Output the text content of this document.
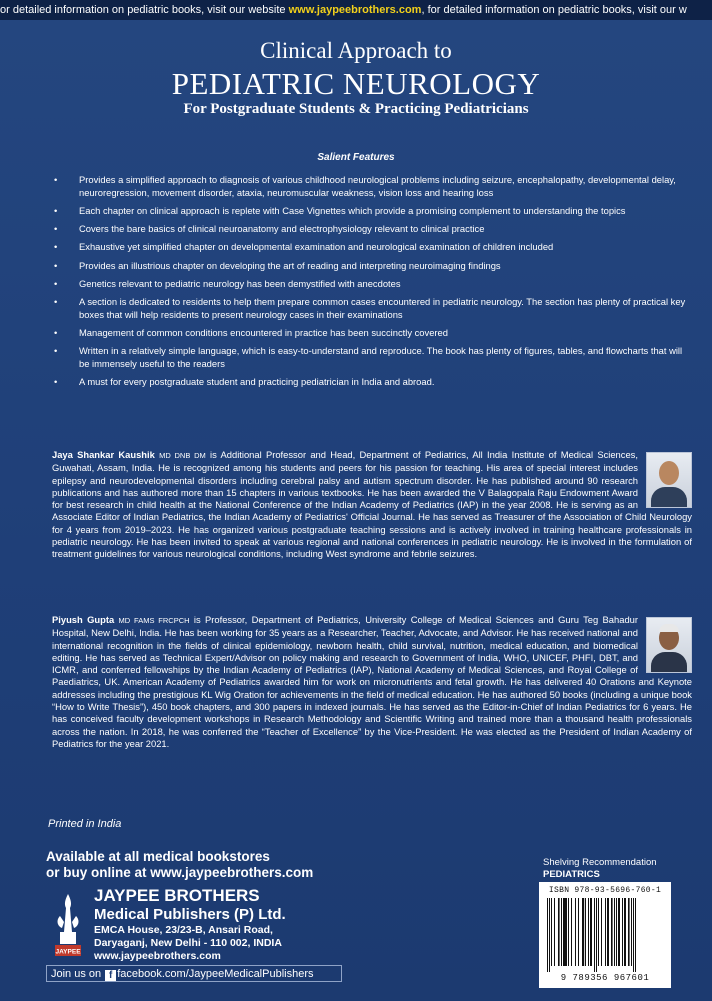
or detailed information on pediatric books, visit our website www.jaypeebrothers.com, for detailed information on pediatric books, visit our w
Clinical Approach to
PEDIATRIC NEUROLOGY
For Postgraduate Students & Practicing Pediatricians
Salient Features
• Provides a simplified approach to diagnosis of various childhood neurological problems including seizure, encephalopathy, developmental delay, neuroregression, movement disorder, ataxia, neuromuscular weakness, vision loss and hearing loss
• Each chapter on clinical approach is replete with Case Vignettes which provide a promising complement to understanding the topics
• Covers the bare basics of clinical neuroanatomy and electrophysiology relevant to clinical practice
• Exhaustive yet simplified chapter on developmental examination and neurological examination of children included
• Provides an illustrious chapter on developing the art of reading and interpreting neuroimaging findings
• Genetics relevant to pediatric neurology has been demystified with anecdotes
• A section is dedicated to residents to help them prepare common cases encountered in pediatric neurology. The section has plenty of practical key boxes that will help residents to present neurology cases in their examinations
• Management of common conditions encountered in practice has been succinctly covered
• Written in a relatively simple language, which is easy-to-understand and reproduce. The book has plenty of figures, tables, and flowcharts that will be immensely useful to the readers
• A must for every postgraduate student and practicing pediatrician in India and abroad.
Jaya Shankar Kaushik MD DNB DM is Additional Professor and Head, Department of Pediatrics, All India Institute of Medical Sciences, Guwahati, Assam, India. He is recognized among his students and peers for his passion for teaching. His area of special interest includes epilepsy and neurodevelopmental disorders including cerebral palsy and autism spectrum disorder. He has published around 90 research publications and has authored more than 15 chapters in various textbooks. He has been awarded the V Balagopala Raju Endowment Award for best research in child health at the National Conference of the Indian Academy of Pediatrics (IAP) in the year 2008. He is serving as an Associate Editor of Indian Pediatrics, the Indian Academy of Pediatrics' Official Journal. He has served as Treasurer of the Association of Child Neurology for 4 years from 2019–2023. He has organized various postgraduate teaching sessions and is actively involved in training healthcare professionals in pediatric neurology. He has been invited to speak at various regional and national conferences in pediatric neurology. He is involved in the formulation of treatment guidelines for various neurological conditions, including West syndrome and febrile seizures.
Piyush Gupta MD FAMS FRCPCH is Professor, Department of Pediatrics, University College of Medical Sciences and Guru Teg Bahadur Hospital, New Delhi, India. He has been working for 35 years as a Researcher, Teacher, Advocate, and Advisor. He has received national and international recognition in the fields of clinical epidemiology, newborn health, child survival, nutrition, medical education, and biomedical editing. He has served as Technical Expert/Advisor on policy making and research to Government of India, WHO, UNICEF, PHFI, DBT, and ICMR, and conferred fellowships by the Indian Academy of Pediatrics (IAP), National Academy of Medical Sciences, and Royal College of Paediatrics, UK. American Academy of Pediatrics awarded him for work on micronutrients and fetal growth. He has delivered 40 Orations and Keynote addresses including the prestigious KL Wig Oration for achievements in the field of medical education. He has authored 50 books (including a unique book “How to Write Thesis”), 450 book chapters, and 300 papers in indexed journals. He has served as the Editor-in-Chief of Indian Pediatrics for 6 years. He has conceived faculty development workshops in Research Methodology and Scientific Writing and trained more than a thousand health professionals across the nation. In 2018, he was conferred the “Teacher of Excellence” by the Vice-President. He was elected as the President of Indian Academy of Pediatrics for the year 2021.
Printed in India
Available at all medical bookstores
or buy online at www.jaypeebrothers.com
JAYPEE
JAYPEE BROTHERS
Medical Publishers (P) Ltd.
EMCA House, 23/23-B, Ansari Road,
Daryaganj, New Delhi - 110 002, INDIA
www.jaypeebrothers.com
Join us on f facebook.com/JaypeeMedicalPublishers
Shelving Recommendation
PEDIATRICS
ISBN 978-93-5696-760-1
9 789356 967601
